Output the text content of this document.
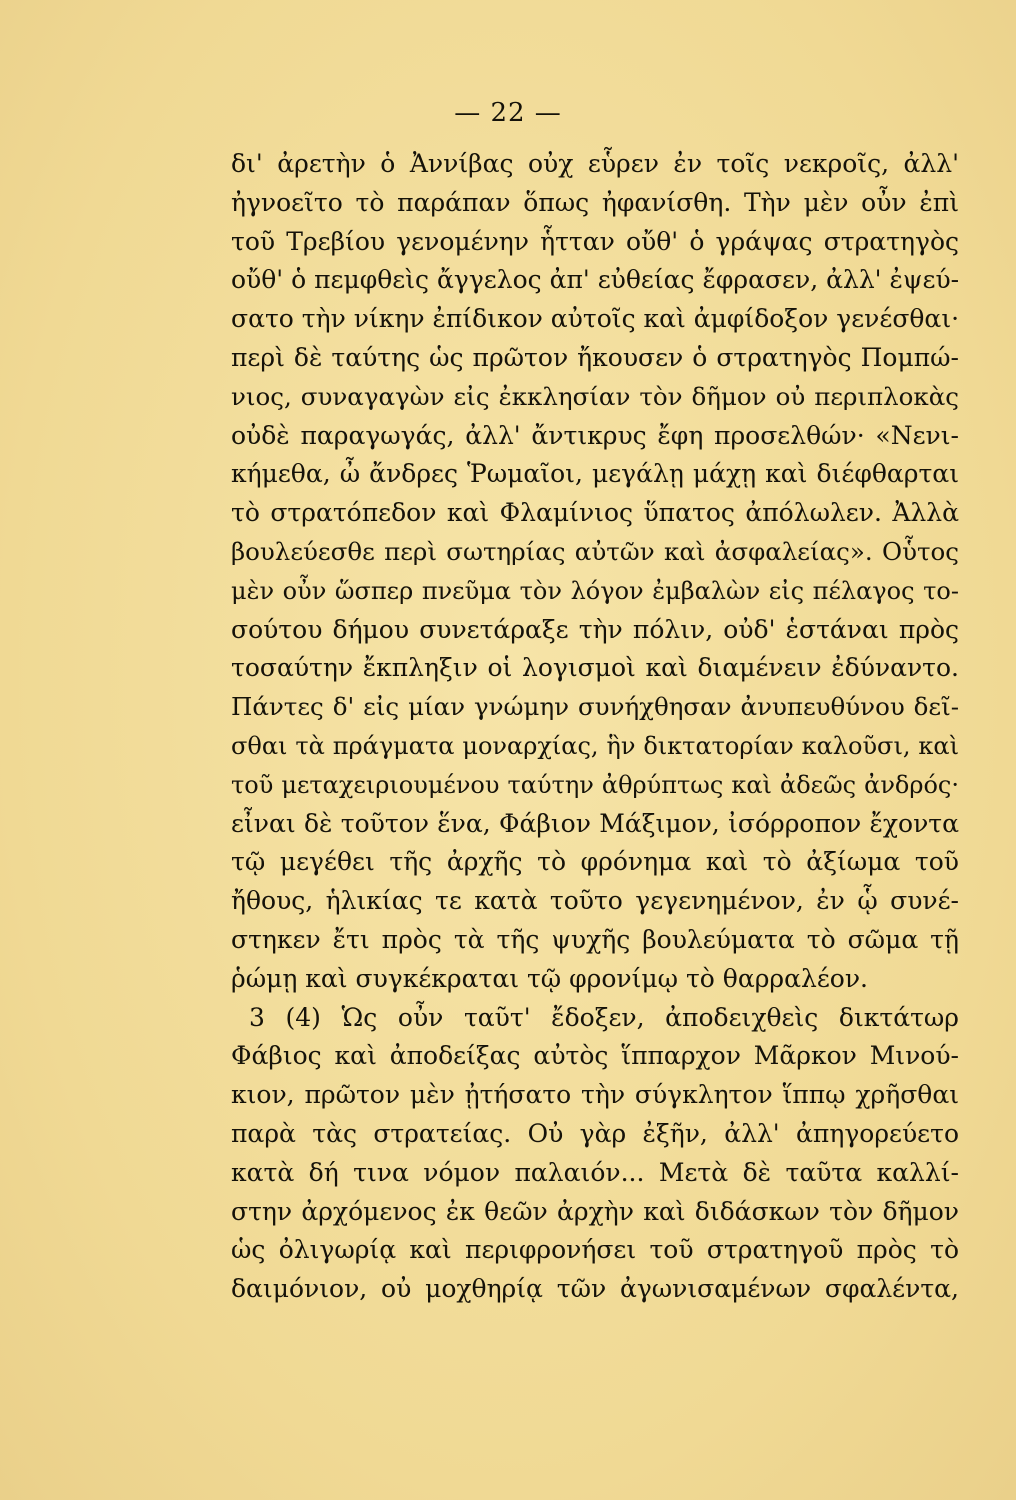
— 22 —
δι' ἀρετὴν ὁ Ἀννίβας οὐχ εὗρεν ἐν τοῖς νεκροῖς, ἀλλ'
ἠγνοεῖτο τὸ παράπαν ὅπως ἠφανίσθη. Τὴν μὲν οὖν ἐπὶ
τοῦ Τρεβίου γενομένην ἧτταν οὔθ' ὁ γράψας στρατηγὸς
οὔθ' ὁ πεμφθεὶς ἄγγελος ἀπ' εὐθείας ἔφρασεν, ἀλλ' ἐψεύ-
σατο τὴν νίκην ἐπίδικον αὐτοῖς καὶ ἀμφίδοξον γενέσθαι·
περὶ δὲ ταύτης ὡς πρῶτον ἤκουσεν ὁ στρατηγὸς Πομπώ-
νιος, συναγαγὼν εἰς ἐκκλησίαν τὸν δῆμον οὐ περιπλοκὰς
οὐδὲ παραγωγάς, ἀλλ' ἄντικρυς ἔφη προσελθών· «Νενι-
κήμεθα, ὦ ἄνδρες Ῥωμαῖοι, μεγάλῃ μάχῃ καὶ διέφθαρται
τὸ στρατόπεδον καὶ Φλαμίνιος ὕπατος ἀπόλωλεν. Ἀλλὰ
βουλεύεσθε περὶ σωτηρίας αὐτῶν καὶ ἀσφαλείας». Οὗτος
μὲν οὖν ὥσπερ πνεῦμα τὸν λόγον ἐμβαλὼν εἰς πέλαγος το-
σούτου δήμου συνετάραξε τὴν πόλιν, οὐδ' ἑστάναι πρὸς
τοσαύτην ἔκπληξιν οἱ λογισμοὶ καὶ διαμένειν ἐδύναντο.
Πάντες δ' εἰς μίαν γνώμην συνήχθησαν ἀνυπευθύνου δεῖ-
σθαι τὰ πράγματα μοναρχίας, ἣν δικτατορίαν καλοῦσι, καὶ
τοῦ μεταχειριουμένου ταύτην ἀθρύπτως καὶ ἀδεῶς ἀνδρός·
εἶναι δὲ τοῦτον ἕνα, Φάβιον Μάξιμον, ἰσόρροπον ἔχοντα
τῷ μεγέθει τῆς ἀρχῆς τὸ φρόνημα καὶ τὸ ἀξίωμα τοῦ
ἤθους, ἡλικίας τε κατὰ τοῦτο γεγενημένον, ἐν ᾧ συνέ-
στηκεν ἔτι πρὸς τὰ τῆς ψυχῆς βουλεύματα τὸ σῶμα τῇ
ῥώμῃ καὶ συγκέκραται τῷ φρονίμῳ τὸ θαρραλέον.
3 (4) Ὡς οὖν ταῦτ' ἔδοξεν, ἀποδειχθεὶς δικτάτωρ
Φάβιος καὶ ἀποδείξας αὐτὸς ἵππαρχον Μᾶρκον Μινού-
κιον, πρῶτον μὲν ᾐτήσατο τὴν σύγκλητον ἵππῳ χρῆσθαι
παρὰ τὰς στρατείας. Οὐ γὰρ ἐξῆν, ἀλλ' ἀπηγορεύετο
κατὰ δή τινα νόμον παλαιόν... Μετὰ δὲ ταῦτα καλλί-
στην ἀρχόμενος ἐκ θεῶν ἀρχὴν καὶ διδάσκων τὸν δῆμον
ὡς ὀλιγωρίᾳ καὶ περιφρονήσει τοῦ στρατηγοῦ πρὸς τὸ
δαιμόνιον, οὐ μοχθηρίᾳ τῶν ἀγωνισαμένων σφαλέντα,
